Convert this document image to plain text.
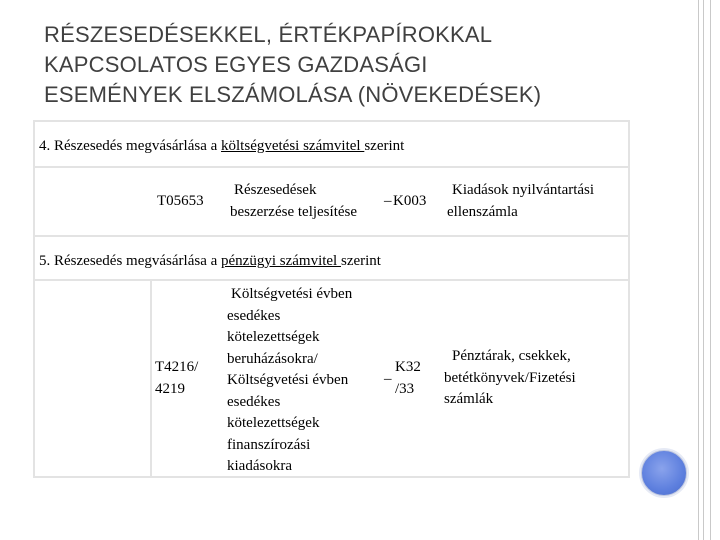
RÉSZESEDÉSEKKEL, ÉRTÉKPAPÍROKKAL
KAPCSOLATOS EGYES GAZDASÁGI
ESEMÉNYEK ELSZÁMOLÁSA (NÖVEKEDÉSEK)
4. Részesedés megvásárlása a költségvetési számvitel szerint
T05653
Részesedések
beszerzése teljesítése
– K003
Kiadások nyilvántartási
ellenszámla
5. Részesedés megvásárlása a pénzügyi számvitel szerint
T4216/
4219
Költségvetési évben
esedékes
kötelezettségek
beruházásokra/
Költségvetési évben
esedékes
kötelezettségek
finanszírozási
kiadásokra
–
K32
/33
Pénztárak, csekkek,
betétkönyvek/Fizetési
számlák
